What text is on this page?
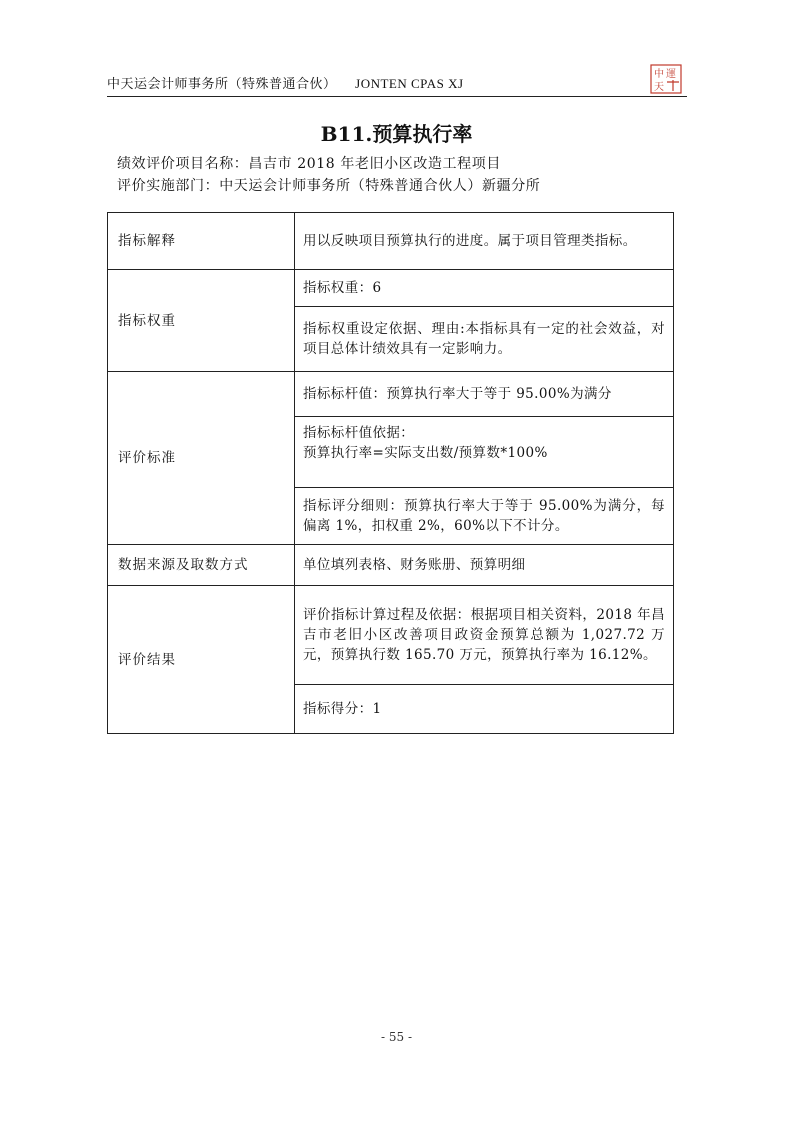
中天运会计师事务所（特殊普通合伙） JONTEN CPAS XJ
中 運
天
B11.预算执行率
绩效评价项目名称：昌吉市 2018 年老旧小区改造工程项目
评价实施部门：中天运会计师事务所（特殊普通合伙人）新疆分所
指标解释	用以反映项目预算执行的进度。属于项目管理类指标。
指标权重	指标权重：6
	指标权重设定依据、理由:本指标具有一定的社会效益，对项目总体计绩效具有一定影响力。
评价标准	指标标杆值：预算执行率大于等于 95.00%为满分

	指标标杆值依据：
预算执行率=实际支出数/预算数*100%

	指标评分细则：预算执行率大于等于 95.00%为满分，每偏离 1%，扣权重 2%，60%以下不计分。
数据来源及取数方式	单位填列表格、财务账册、预算明细
评价结果	评价指标计算过程及依据：根据项目相关资料，2018 年昌吉市老旧小区改善项目政资金预算总额为 1,027.72 万元，预算执行数 165.70 万元，预算执行率为 16.12%。
	指标得分：1
- 55 -
